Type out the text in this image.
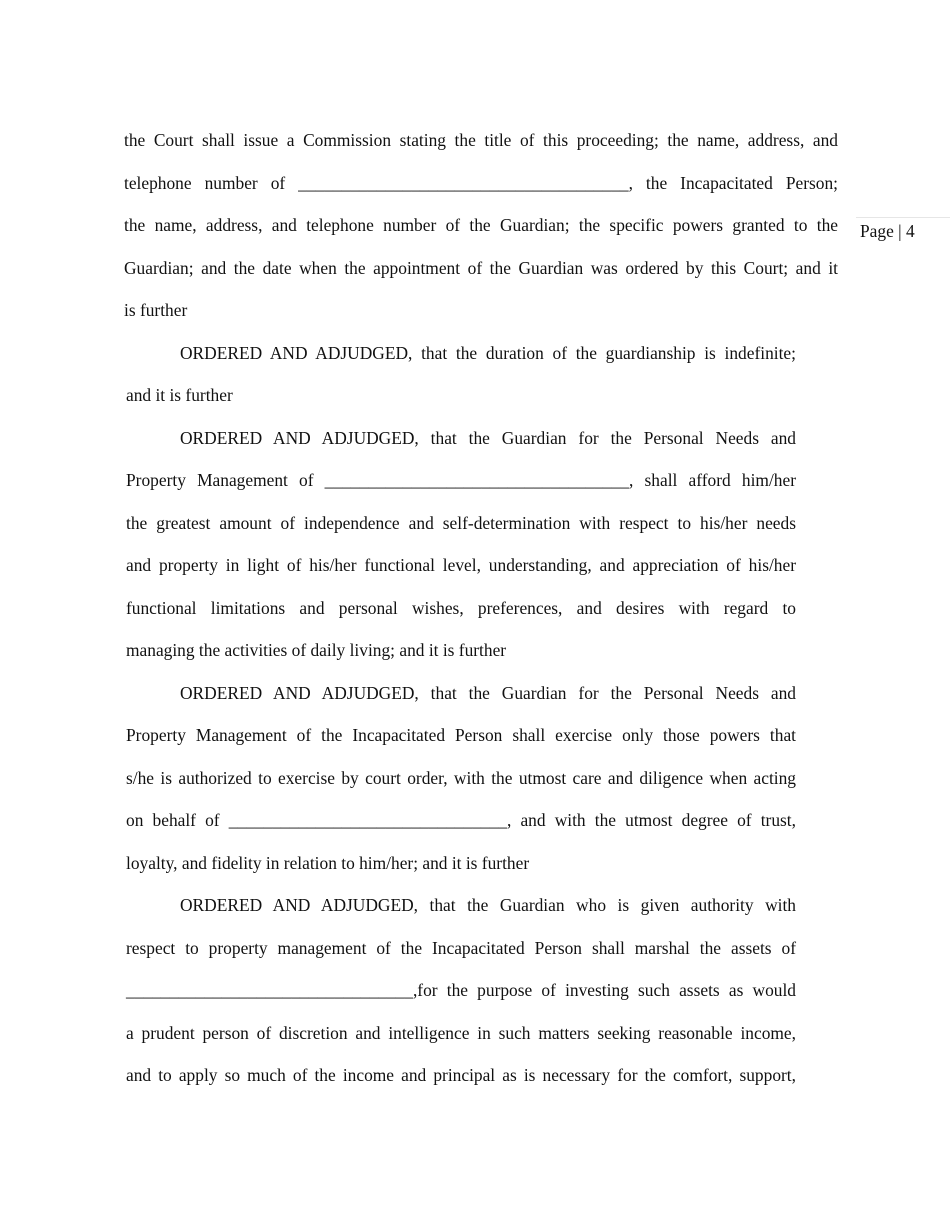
Page | 4
the Court shall issue a Commission stating the title of this proceeding; the name, address, and
telephone number of ______________________________________, the Incapacitated Person;
the name, address, and telephone number of the Guardian; the specific powers granted to the
Guardian; and the date when the appointment of the Guardian was ordered by this Court; and it
is further
ORDERED AND ADJUDGED, that the duration of the guardianship is indefinite;
and it is further
ORDERED AND ADJUDGED, that the Guardian for the Personal Needs and
Property Management of ___________________________________, shall afford him/her
the greatest amount of independence and self-determination with respect to his/her needs
and property in light of his/her functional level, understanding, and appreciation of his/her
functional limitations and personal wishes, preferences, and desires with regard to
managing the activities of daily living; and it is further
ORDERED AND ADJUDGED, that the Guardian for the Personal Needs and
Property Management of the Incapacitated Person shall exercise only those powers that
s/he is authorized to exercise by court order, with the utmost care and diligence when acting
on behalf of ________________________________, and with the utmost degree of trust,
loyalty, and fidelity in relation to him/her; and it is further
ORDERED AND ADJUDGED, that the Guardian who is given authority with
respect to property management of the Incapacitated Person shall marshal the assets of
_________________________________,for the purpose of investing such assets as would
a prudent person of discretion and intelligence in such matters seeking reasonable income,
and to apply so much of the income and principal as is necessary for the comfort, support,
